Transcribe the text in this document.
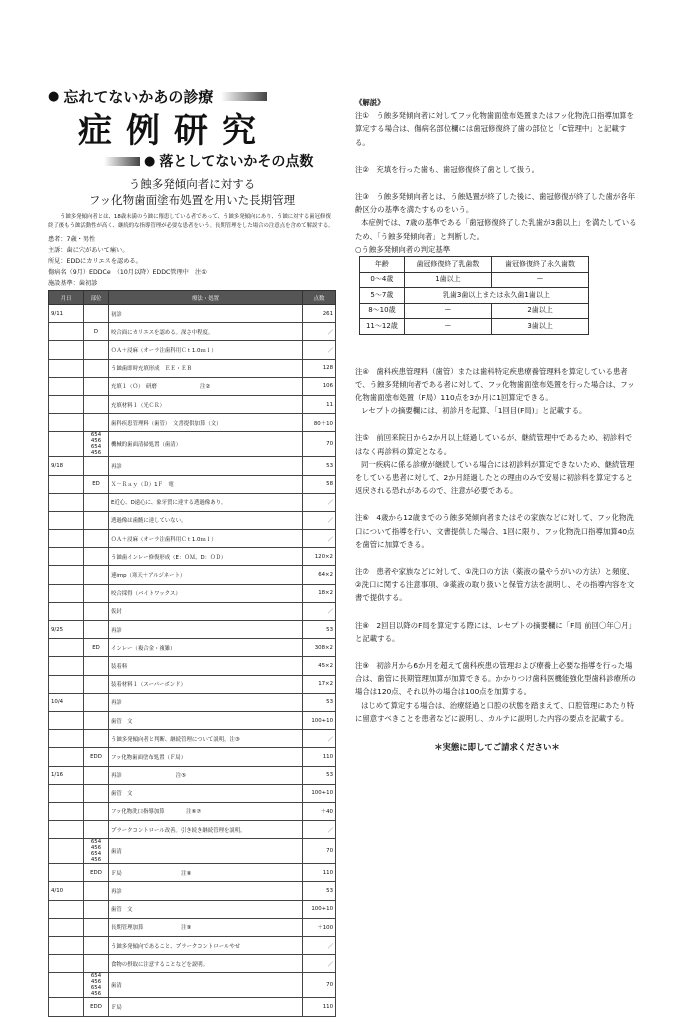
● 忘れてないかあの診療
症例研究
● 落としてないかその点数
う蝕多発傾向者に対する
フッ化物歯面塗布処置を用いた長期管理
う蝕多発傾向者とは、18歳未満のう蝕に罹患している者であって、う蝕多発傾向にあり、う蝕に対する歯冠修復終了後もう蝕活動性が高く、継続的な指導管理が必要な患者をいう。長期管理をした場合の注意点を含めて解説する。
患者：7歳・男性
主訴：歯に穴があいて痛い。
所見：EDDにカリエスを認める。
傷病名（9月）EDDCe　（10月以降）EDDC管理中　注①
施設基準：歯初診
月日	部位	療法・処置	点数
9/11		初診	261
	D	咬合面にカリエスを認める。深さ中程度。	／
		ＯＡ＋浸麻（オーラ注歯科用Ｃｔ1.0ｍｌ）	／
		う蝕歯即時充填形成　ＥＥ・ＥＢ	128
		充填１（Ｏ）　研磨　　　　　　　　注②	106
		充填材料１（光ＣＲ）	11
		歯科疾患管理料（歯管）　文書提供加算（文）	80＋10
	654 456 654 456	機械的歯面清掃処置（歯清）	70
9/18		再診	53
	ED	Ｘ－Ｒａｙ（Ｄ）1Ｆ　電	58
		E近心、D遠心に、象牙質に達する透過像あり。	／
		透過像は歯髄に達していない。	／
		ＯＡ＋浸麻（オーラ注歯科用Ｃｔ1.0ｍｌ）	／
		う蝕歯インレー修復形成（E：ＯＭ、D：ＯＤ）	120×2
		連imp（寒天＋アルジネート）	64×2
		咬合採得（バイトワックス）	18×2
		仮封	／
9/25		再診	53
	ED	インレー（複合金・複雑）	308×2
		装着料	45×2
		装着材料１（スーパーボンド）	17×2
10/4		再診	53
		歯管　文	100+10
		う蝕多発傾向者と判断、継続管理について説明。注③	／
	EDD	フッ化物歯面塗布処置（Ｆ局）	110
1/16		再診　　　　　　　　　　注⑤	53
		歯管　文	100+10
		フッ化物洗口指導加算　　　　注⑥⑦	＋40
		プラークコントロール改善。引き続き継続管理を説明。	／
	654 456 654 456	歯清	70
	EDD	Ｆ局　　　　　　　　　　　注⑧	110
4/10		再診	53
		歯管　文	100+10
		長期管理加算　　　　　　　注⑨	＋100
		う蝕多発傾向であること、プラークコントロールやせ	／
		食物の摂取に注意することなどを説明。	／
	654 456 654 456	歯清	70
	EDD	Ｆ局	110

《解説》

注①　う蝕多発傾向者に対してフッ化物歯面塗布処置またはフッ化物洗口指導加算を算定する場合は、傷病名部位欄には歯冠修復終了歯の部位と「C管理中」と記載する。

注②　充填を行った歯も、歯冠修復終了歯として扱う。

注③　う蝕多発傾向者とは、う蝕処置が終了した後に、歯冠修復が終了した歯が各年齢区分の基準を満たすものをいう。

本症例では、7歳の基準である「歯冠修復終了した乳歯が3歯以上」を満たしているため、「う蝕多発傾向者」と判断した。

○う蝕多発傾向者の判定基準

年齢	歯冠修復終了乳歯数	歯冠修復終了永久歯数
0〜4歳	1歯以上	ー
5〜7歳	乳歯3歯以上または永久歯1歯以上	
8〜10歳	ー	2歯以上
11〜12歳	ー	3歯以上

注④　歯科疾患管理料（歯管）または歯科特定疾患療養管理料を算定している患者で、う蝕多発傾向者である者に対して、フッ化物歯面塗布処置を行った場合は、フッ化物歯面塗布処置（F局）110点を3か月に1回算定できる。

レセプトの摘要欄には、初診月を起算、「1回目(F局)」と記載する。

注⑤　前回来院日から2か月以上経過しているが、継続管理中であるため、初診料ではなく再診料の算定となる。

同一疾病に係る診療が継続している場合には初診料が算定できないため、継続管理をしている患者に対して、2か月経過したとの理由のみで安易に初診料を算定すると返戻される恐れがあるので、注意が必要である。

注⑥　4歳から12歳までのう蝕多発傾向者またはその家族などに対して、フッ化物洗口について指導を行い、文書提供した場合、1回に限り、フッ化物洗口指導加算40点を歯管に加算できる。

注⑦　患者や家族などに対して、①洗口の方法（薬液の量やうがいの方法）と頻度、②洗口に関する注意事項、③薬液の取り扱いと保管方法を説明し、その指導内容を文書で提供する。

注⑧　2回目以降のF局を算定する際には、レセプトの摘要欄に「F局 前回〇年〇月」と記載する。

注⑨　初診月から6か月を超えて歯科疾患の管理および療養上必要な指導を行った場合は、歯管に長期管理加算が加算できる。かかりつけ歯科医機能強化型歯科診療所の場合は120点、それ以外の場合は100点を加算する。

はじめて算定する場合は、治療経過と口腔の状態を踏まえて、口腔管理にあたり特に留意すべきことを患者などに説明し、カルテに説明した内容の要点を記載する。

＊実態に即してご請求ください＊
